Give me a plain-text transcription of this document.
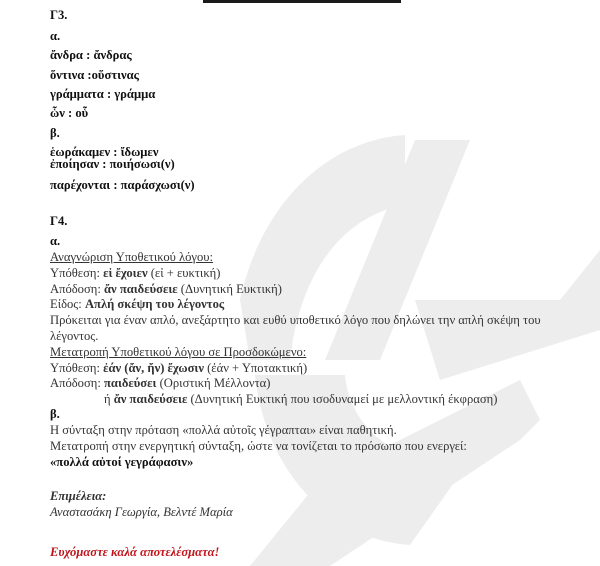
Γ3.
α.
ἄνδρα : ἄνδρας
ὅντινα :οὕστινας
γράμματα : γράμμα
ὧν : οὗ
β.
ἑωράκαμεν : ἴδωμεν
ἐποίησαν : ποιήσωσι(ν)
παρέχονται : παράσχωσι(ν)
Γ4.
α.
Αναγνώριση Υποθετικού λόγου:
Υπόθεση: εἰ ἔχοιεν (εἰ + ευκτική)
Απόδοση: ἄν παιδεύσειε (Δυνητική Ευκτική)
Είδος: Απλή σκέψη του λέγοντος
Πρόκειται για έναν απλό, ανεξάρτητο και ευθύ υποθετικό λόγο που δηλώνει την απλή σκέψη του
λέγοντος.
Μετατροπή Υποθετικού λόγου σε Προσδοκώμενο:
Υπόθεση: ἐάν (ἄν, ἤν) ἔχωσιν (ἐάν + Υποτακτική)
Απόδοση: παιδεύσει (Οριστική Μέλλοντα)
ή ἄν παιδεύσειε (Δυνητική Ευκτική που ισοδυναμεί με μελλοντική έκφραση)
β.
Η σύνταξη στην πρόταση «πολλά αὐτοῖς γέγραπται» είναι παθητική.
Μετατροπή στην ενεργητική σύνταξη, ώστε να τονίζεται το πρόσωπο που ενεργεί:
«πολλά αὐτοί γεγράφασιν»
Επιμέλεια:
Αναστασάκη Γεωργία, Βελντέ Μαρία
Ευχόμαστε καλά αποτελέσματα!
